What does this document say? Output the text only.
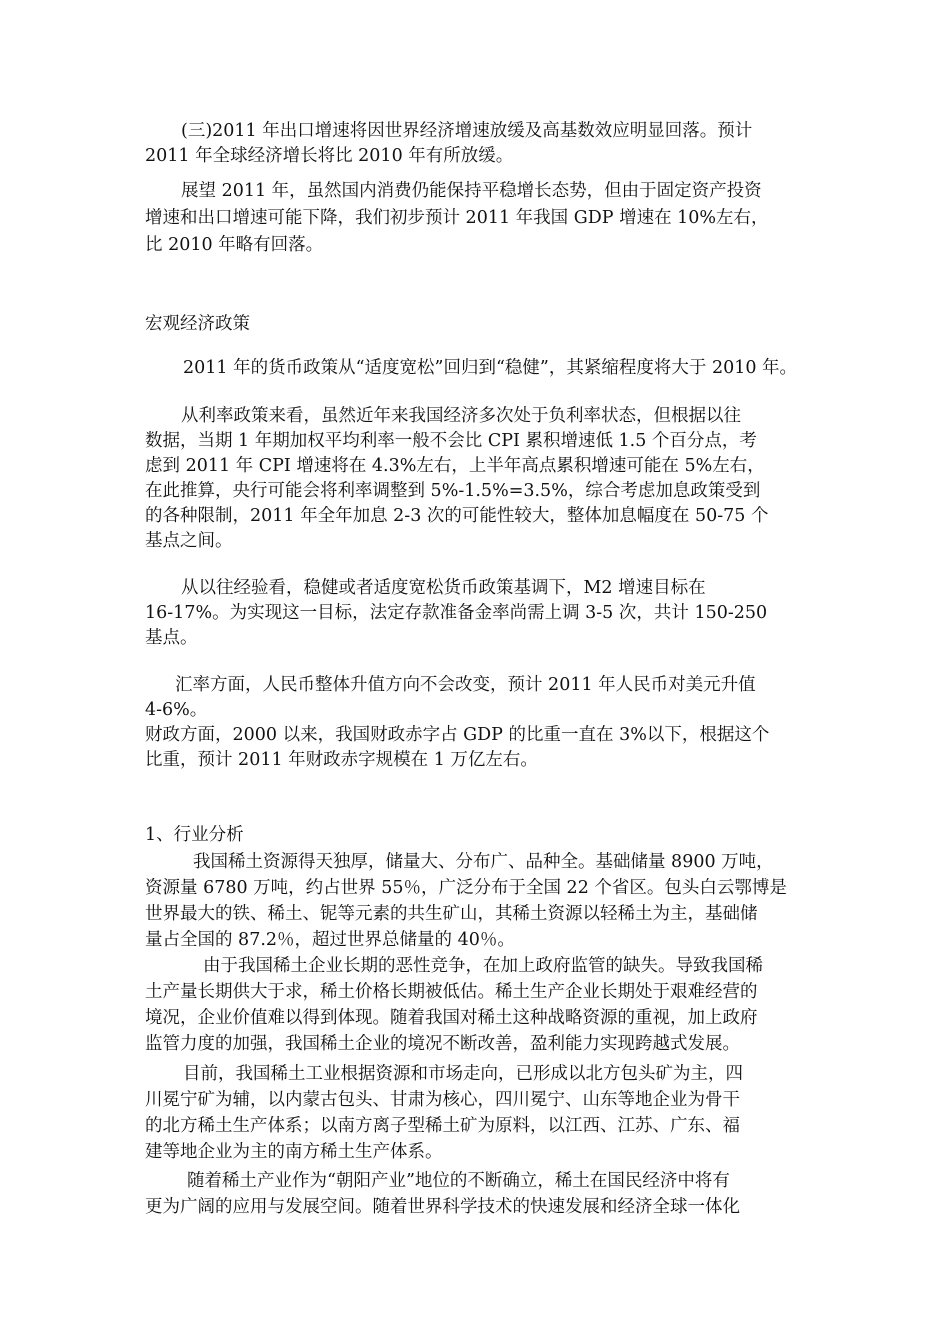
(三)2011 年出口增速将因世界经济增速放缓及高基数效应明显回落。预计
2011 年全球经济增长将比 2010 年有所放缓。
展望 2011 年，虽然国内消费仍能保持平稳增长态势，但由于固定资产投资
增速和出口增速可能下降，我们初步预计 2011 年我国 GDP 增速在 10%左右，
比 2010 年略有回落。
宏观经济政策
2011 年的货币政策从“适度宽松”回归到“稳健”，其紧缩程度将大于 2010 年。
从利率政策来看，虽然近年来我国经济多次处于负利率状态，但根据以往
数据，当期 1 年期加权平均利率一般不会比 CPI 累积增速低 1.5 个百分点，考
虑到 2011 年 CPI 增速将在 4.3%左右，上半年高点累积增速可能在 5%左右，
在此推算，央行可能会将利率调整到 5%-1.5%=3.5%，综合考虑加息政策受到
的各种限制，2011 年全年加息 2-3 次的可能性较大，整体加息幅度在 50-75 个
基点之间。
从以往经验看，稳健或者适度宽松货币政策基调下，M2 增速目标在
16-17%。为实现这一目标，法定存款准备金率尚需上调 3-5 次，共计 150-250
基点。
汇率方面，人民币整体升值方向不会改变，预计 2011 年人民币对美元升值
4-6%。
财政方面，2000 以来，我国财政赤字占 GDP 的比重一直在 3%以下，根据这个
比重，预计 2011 年财政赤字规模在 1 万亿左右。
1、行业分析
我国稀土资源得天独厚，储量大、分布广、品种全。基础储量 8900 万吨，
资源量 6780 万吨，约占世界 55％，广泛分布于全国 22 个省区。包头白云鄂博是
世界最大的铁、稀土、铌等元素的共生矿山，其稀土资源以轻稀土为主，基础储
量占全国的 87.2％，超过世界总储量的 40％。
由于我国稀土企业长期的恶性竞争，在加上政府监管的缺失。导致我国稀
土产量长期供大于求，稀土价格长期被低估。稀土生产企业长期处于艰难经营的
境况，企业价值难以得到体现。随着我国对稀土这种战略资源的重视，加上政府
监管力度的加强，我国稀土企业的境况不断改善，盈利能力实现跨越式发展。
目前，我国稀土工业根据资源和市场走向，已形成以北方包头矿为主，四
川冕宁矿为辅，以内蒙古包头、甘肃为核心，四川冕宁、山东等地企业为骨干
的北方稀土生产体系；以南方离子型稀土矿为原料，以江西、江苏、广东、福
建等地企业为主的南方稀土生产体系。
随着稀土产业作为“朝阳产业”地位的不断确立，稀土在国民经济中将有
更为广阔的应用与发展空间。随着世界科学技术的快速发展和经济全球一体化
